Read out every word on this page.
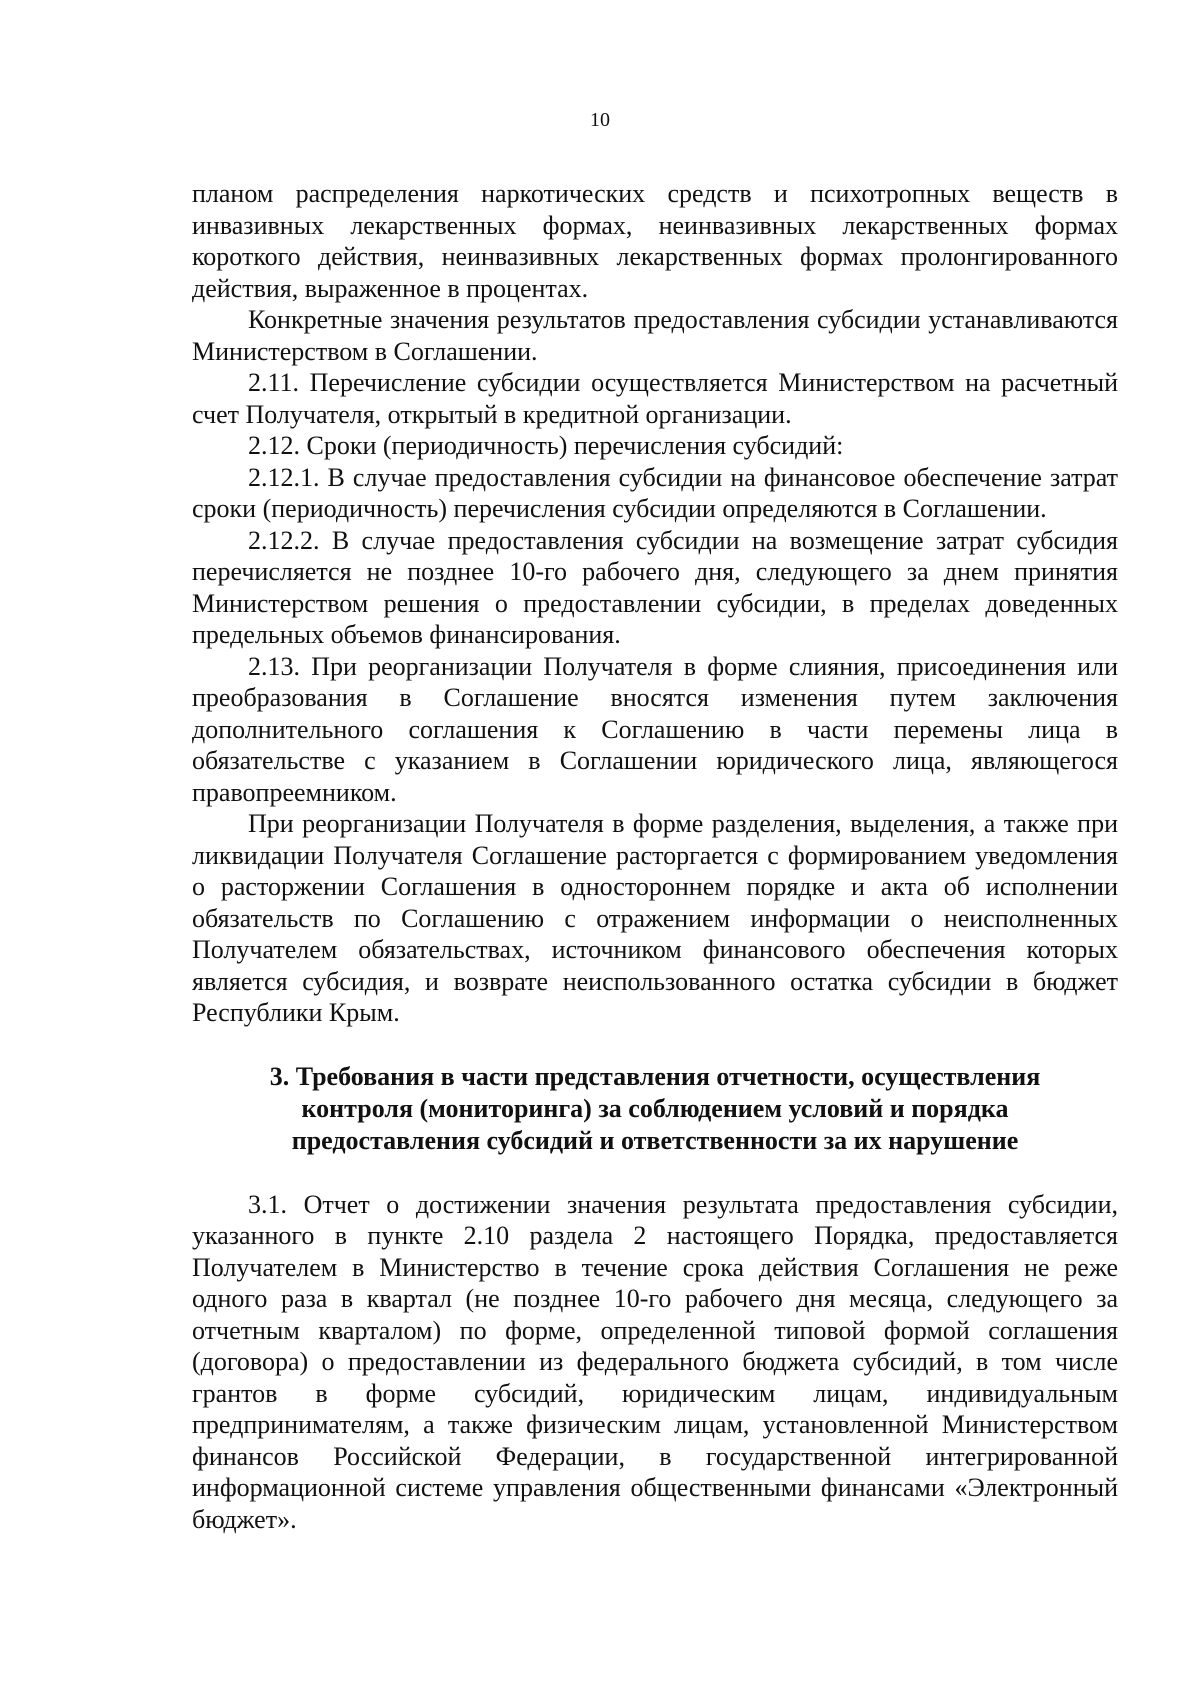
10

планом распределения наркотических средств и психотропных веществ в инвазивных лекарственных формах, неинвазивных лекарственных формах короткого действия, неинвазивных лекарственных формах пролонгированного действия, выраженное в процентах.

Конкретные значения результатов предоставления субсидии устанавливаются Министерством в Соглашении.

2.11. Перечисление субсидии осуществляется Министерством на расчетный счет Получателя, открытый в кредитной организации.

2.12. Сроки (периодичность) перечисления субсидий:

2.12.1. В случае предоставления субсидии на финансовое обеспечение затрат сроки (периодичность) перечисления субсидии определяются в Соглашении.

2.12.2. В случае предоставления субсидии на возмещение затрат субсидия перечисляется не позднее 10-го рабочего дня, следующего за днем принятия Министерством решения о предоставлении субсидии, в пределах доведенных предельных объемов финансирования.

2.13. При реорганизации Получателя в форме слияния, присоединения или преобразования в Соглашение вносятся изменения путем заключения дополнительного соглашения к Соглашению в части перемены лица в обязательстве с указанием в Соглашении юридического лица, являющегося правопреемником.

При реорганизации Получателя в форме разделения, выделения, а также при ликвидации Получателя Соглашение расторгается с формированием уведомления о расторжении Соглашения в одностороннем порядке и акта об исполнении обязательств по Соглашению с отражением информации о неисполненных Получателем обязательствах, источником финансового обеспечения которых является субсидия, и возврате неиспользованного остатка субсидии в бюджет Республики Крым.

3. Требования в части представления отчетности, осуществления контроля (мониторинга) за соблюдением условий и порядка предоставления субсидий и ответственности за их нарушение

3.1. Отчет о достижении значения результата предоставления субсидии, указанного в пункте 2.10 раздела 2 настоящего Порядка, предоставляется Получателем в Министерство в течение срока действия Соглашения не реже одного раза в квартал (не позднее 10-го рабочего дня месяца, следующего за отчетным кварталом) по форме, определенной типовой формой соглашения (договора) о предоставлении из федерального бюджета субсидий, в том числе грантов в форме субсидий, юридическим лицам, индивидуальным предпринимателям, а также физическим лицам, установленной Министерством финансов Российской Федерации, в государственной интегрированной информационной системе управления общественными финансами «Электронный бюджет».
